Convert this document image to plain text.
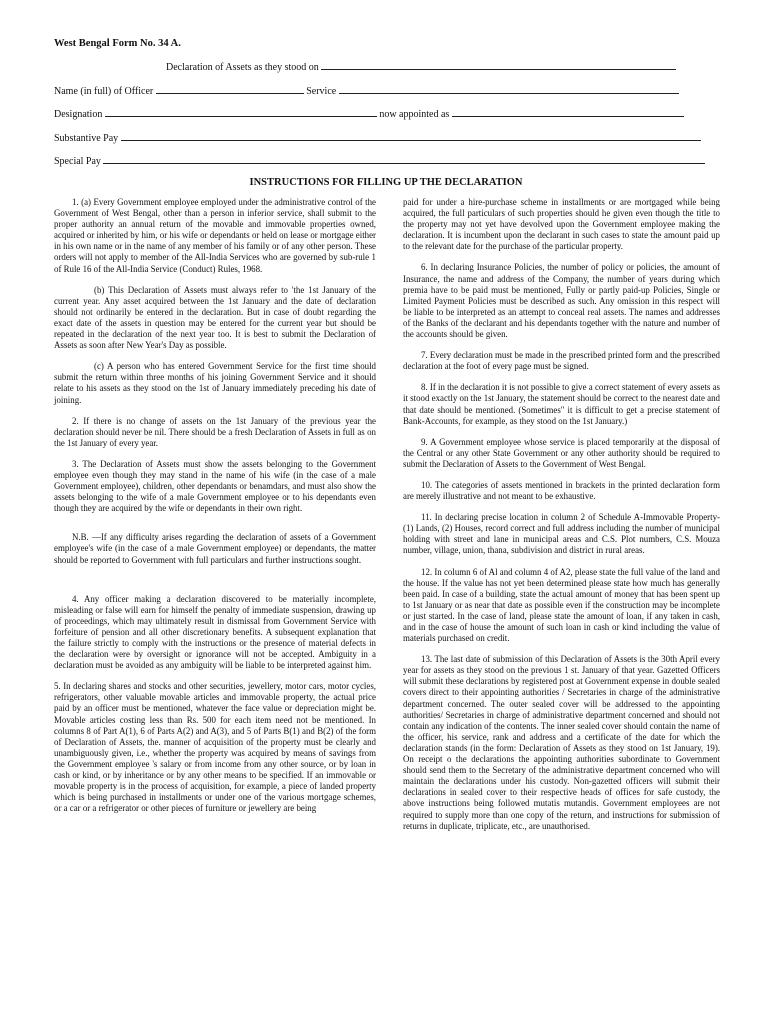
West Bengal Form No. 34 A.
Declaration of Assets as they stood on
Name (in full) of Officer	Service
Designation	now appointed as
Substantive Pay
Special Pay
INSTRUCTIONS FOR FILLING UP THE DECLARATION

1. (a) Every Government employee employed under the administrative control of the Government of West Bengal, other than a person in inferior service, shall submit to the proper authority an annual return of the movable and immovable properties owned, acquired or inherited by him, or his wife or dependants or held on lease or mortgage either in his own name or in the name of any member of his family or of any other person. These orders will not apply to member of the All-India Services who are governed by sub-rule 1 of Rule 16 of the All-India Service (Conduct) Rules, 1968.

(b) This Declaration of Assets must always refer to 'the 1st January of the current year. Any asset acquired between the 1st January and the date of declaration should not ordinarily be entered in the declaration. But in case of doubt regarding the exact date of the assets in question may be entered for the current year but should be repeated in the declaration of the next year too. It is best to submit the Declaration of Assets as soon after New Year's Day as possible.

(c) A person who has entered Government Service for the first time should submit the return within three months of his joining Government Service and it should relate to his assets as they stood on the 1st of January immediately preceding his date of joining.

2. If there is no change of assets on the 1st January of the previous year the declaration should never be nil. There should be a fresh Declaration of Assets in full as on the 1st January of every year.

3. The Declaration of Assets must show the assets belonging to the Government employee even though they may stand in the name of his wife (in the case of a male Government employee), children, other dependants or benamdars, and must also show the assets belonging to the wife of a male Government employee or to his dependants even though they are acquired by the wife or dependants in their own right.

N.B. —If any difficulty arises regarding the declaration of assets of a Government employee's wife (in the case of a male Government employee) or dependants, the matter should be reported to Government with full particulars and further instructions sought.

4. Any officer making a declaration discovered to be materially incomplete, misleading or false will earn for himself the penalty of immediate suspension, drawing up of proceedings, which may ultimately result in dismissal from Government Service with forfeiture of pension and all other discretionary benefits. A subsequent explanation that the failure strictly to comply with the instructions or the presence of material defects in the declaration were by oversight or ignorance will not be accepted. Ambiguity in a declaration must be avoided as any ambiguity will be liable to be interpreted against him.

5. In declaring shares and stocks and other securities, jewellery, motor cars, motor cycles, refrigerators, other valuable movable articles and immovable property, the actual price paid by an officer must be mentioned, whatever the face value or depreciation might be. Movable articles costing less than Rs. 500 for each item need not be mentioned. In columns 8 of Part A(1), 6 of Parts A(2) and A(3), and 5 of Parts B(1) and B(2) of the form of Declaration of Assets, the. manner of acquisition of the property must be clearly and unambiguously given, i.e., whether the property was acquired by means of savings from the Government employee 's salary or from income from any other source, or by loan in cash or kind, or by inheritance or by any other means to be specified. If an immovable or movable property is in the process of acquisition, for example, a piece of landed property which is being purchased in installments or under one of the various mortgage schemes, or a car or a refrigerator or other pieces of furniture or jewellery are being

paid for under a hire-purchase scheme in installments or are mortgaged while being acquired, the full particulars of such properties should he given even though the title to the property may not yet have devolved upon the Government employee making the declaration. It is incumbent upon the declarant in such cases to state the amount paid up to the relevant date for the purchase of the particular property.

6. In declaring Insurance Policies, the number of policy or policies, the amount of Insurance, the name and address of the Company, the number of years during which premia have to be paid must be mentioned, Fully or partly paid-up Policies, Single or Limited Payment Policies must be described as such. Any omission in this respect will be liable to be interpreted as an attempt to conceal real assets. The names and addresses of the Banks of the declarant and his dependants together with the nature and number of the accounts should be given.

7. Every declaration must be made in the prescribed printed form and the prescribed declaration at the foot of every page must be signed.

8. If in the declaration it is not possible to give a correct statement of every assets as it stood exactly on the 1st January, the statement should be correct to the nearest date and that date should be mentioned. (Sometimes" it is difficult to get a precise statement of Bank-Accounts, for example, as they stood on the 1st January.)

9. A Government employee whose service is placed temporarily at the disposal of the Central or any other State Government or any other authority should be required to submit the Declaration of Assets to the Government of West Bengal.

10. The categories of assets mentioned in brackets in the printed declaration form are merely illustrative and not meant to be exhaustive.

11. In declaring precise location in column 2 of Schedule A-Immovable Property-(1) Lands, (2) Houses, record correct and full address including the number of municipal holding with street and lane in municipal areas and C.S. Plot numbers, C.S. Mouza number, village, union, thana, subdivision and district in rural areas.

12. In column 6 of Al and column 4 of A2, please state the full value of the land and the house. If the value has not yet been determined please state how much has generally been paid. In case of a building, state the actual amount of money that has been spent up to 1st January or as near that date as possible even if the construction may be incomplete or just started. In the case of land, please state the amount of loan, if any taken in cash, and in the case of house the amount of such loan in cash or kind including the value of materials purchased on credit.

13. The last date of submission of this Declaration of Assets is the 30th April every year for assets as they stood on the previous 1 st. January of that year. Gazetted Officers will submit these declarations by registered post at Government expense in double sealed covers direct to their appointing authorities / Secretaries in charge of the administrative department concerned. The outer sealed cover will be addressed to the appointing authorities/ Secretaries in charge of administrative department concerned and should not contain any indication of the contents. The inner sealed cover should contain the name of the officer, his service, rank and address and a certificate of the date for which the declaration stands (in the form: Declaration of Assets as they stood on 1st January, 19). On receipt o the declarations the appointing authorities subordinate to Government should send them to the Secretary of the administrative department concerned who will maintain the declarations under his custody. Non-gazetted officers will submit their declarations in sealed cover to their respective heads of offices for safe custody, the above instructions being followed mutatis mutandis. Government employees are not required to supply more than one copy of the return, and instructions for submission of returns in duplicate, triplicate, etc., are unauthorised.
